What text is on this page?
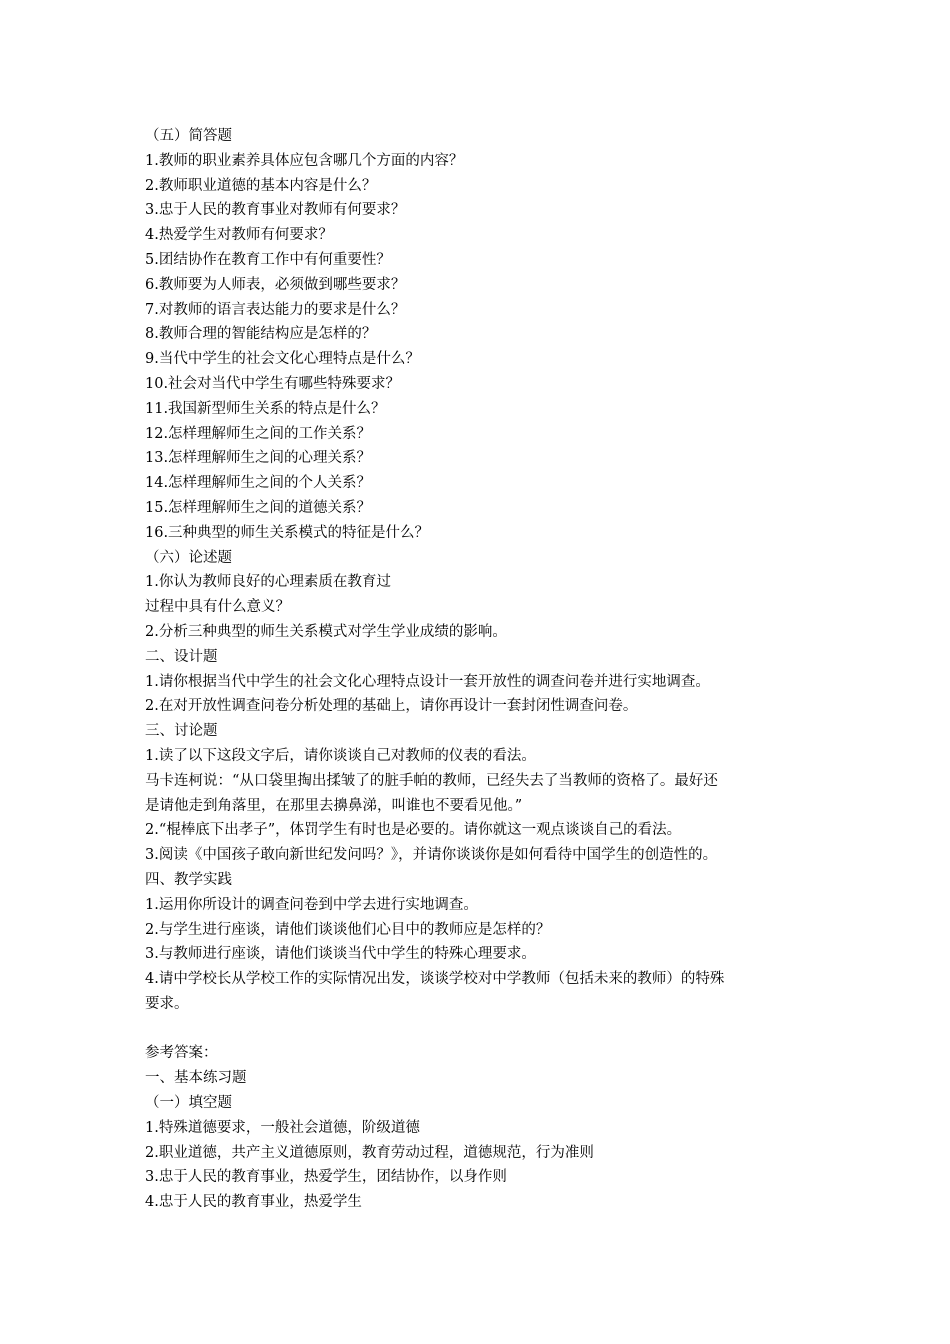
（五）简答题
1.教师的职业素养具体应包含哪几个方面的内容？
2.教师职业道德的基本内容是什么？
3.忠于人民的教育事业对教师有何要求？
4.热爱学生对教师有何要求？
5.团结协作在教育工作中有何重要性？
6.教师要为人师表，必须做到哪些要求？
7.对教师的语言表达能力的要求是什么？
8.教师合理的智能结构应是怎样的？
9.当代中学生的社会文化心理特点是什么？
10.社会对当代中学生有哪些特殊要求？
11.我国新型师生关系的特点是什么？
12.怎样理解师生之间的工作关系？
13.怎样理解师生之间的心理关系？
14.怎样理解师生之间的个人关系？
15.怎样理解师生之间的道德关系？
16.三种典型的师生关系模式的特征是什么？
（六）论述题
1.你认为教师良好的心理素质在教育过
过程中具有什么意义？
2.分析三种典型的师生关系模式对学生学业成绩的影响。
二、设计题
1.请你根据当代中学生的社会文化心理特点设计一套开放性的调查问卷并进行实地调查。
2.在对开放性调查问卷分析处理的基础上，请你再设计一套封闭性调查问卷。
三、讨论题
1.读了以下这段文字后，请你谈谈自己对教师的仪表的看法。
马卡连柯说：“从口袋里掏出揉皱了的脏手帕的教师，已经失去了当教师的资格了。最好还
是请他走到角落里，在那里去擤鼻涕，叫谁也不要看见他。”
2.“棍棒底下出孝子”，体罚学生有时也是必要的。请你就这一观点谈谈自己的看法。
3.阅读《中国孩子敢向新世纪发问吗？》，并请你谈谈你是如何看待中国学生的创造性的。
四、教学实践
1.运用你所设计的调查问卷到中学去进行实地调查。
2.与学生进行座谈，请他们谈谈他们心目中的教师应是怎样的？
3.与教师进行座谈，请他们谈谈当代中学生的特殊心理要求。
4.请中学校长从学校工作的实际情况出发，谈谈学校对中学教师（包括未来的教师）的特殊
要求。
参考答案：
一、基本练习题
（一）填空题
1.特殊道德要求，一般社会道德，阶级道德
2.职业道德，共产主义道德原则，教育劳动过程，道德规范，行为准则
3.忠于人民的教育事业，热爱学生，团结协作，以身作则
4.忠于人民的教育事业，热爱学生
